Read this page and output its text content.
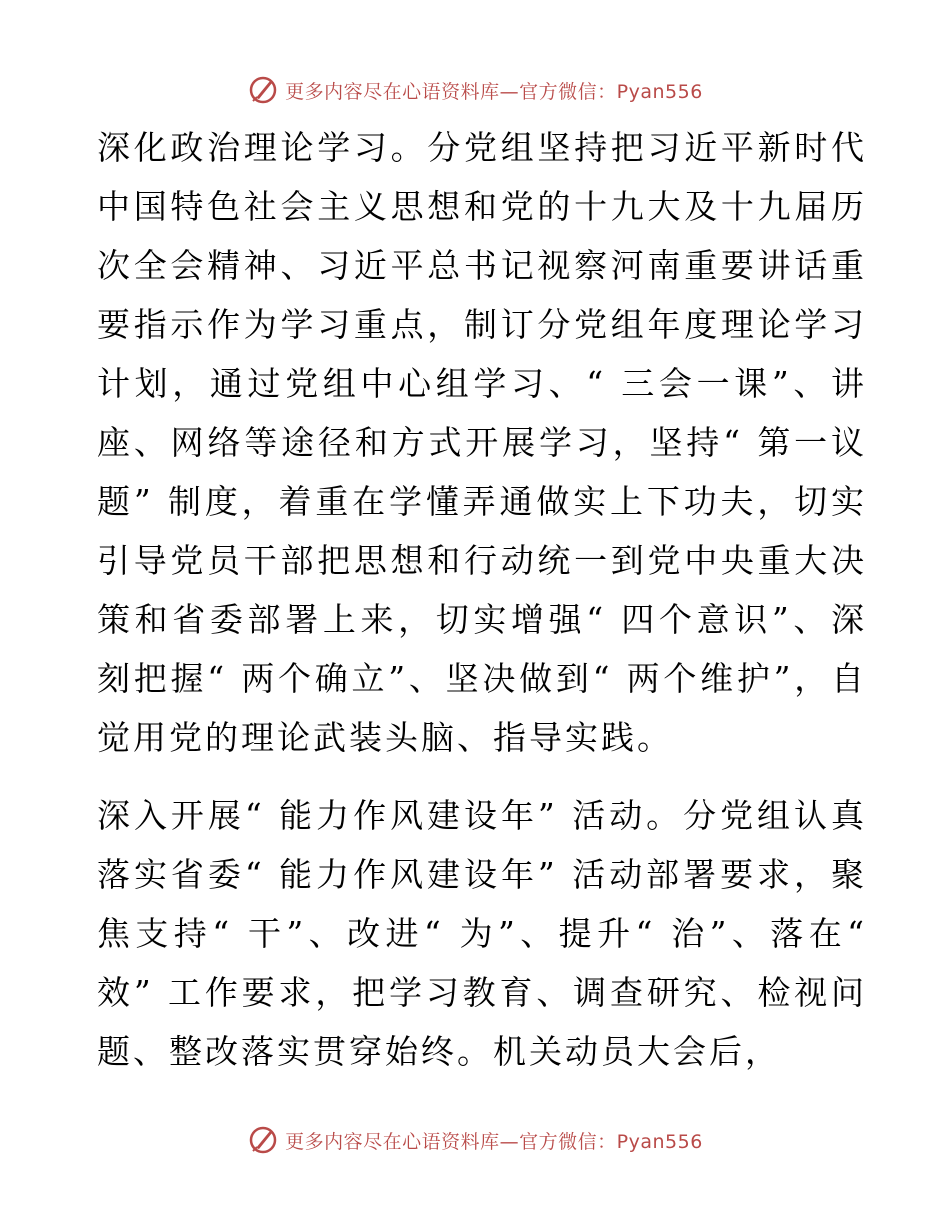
更多内容尽在心语资料库—官方微信：Pyan556

深化政治理论学习。分党组坚持把习近平新时代中国特色社会主义思想和党的十九大及十九届历次全会精神、习近平总书记视察河南重要讲话重要指示作为学习重点，制订分党组年度理论学习计划，通过党组中心组学习、“ 三会一课”、讲座、网络等途径和方式开展学习，坚持“ 第一议题” 制度，着重在学懂弄通做实上下功夫，切实引导党员干部把思想和行动统一到党中央重大决策和省委部署上来，切实增强“ 四个意识”、深刻把握“ 两个确立”、坚决做到“ 两个维护”，自觉用党的理论武装头脑、指导实践。

深入开展“ 能力作风建设年” 活动。分党组认真落实省委“ 能力作风建设年” 活动部署要求，聚焦支持“ 干”、改进“ 为”、提升“ 治”、落在“ 效” 工作要求，把学习教育、调查研究、检视问题、整改落实贯穿始终。机关动员大会后，

更多内容尽在心语资料库—官方微信：Pyan556
